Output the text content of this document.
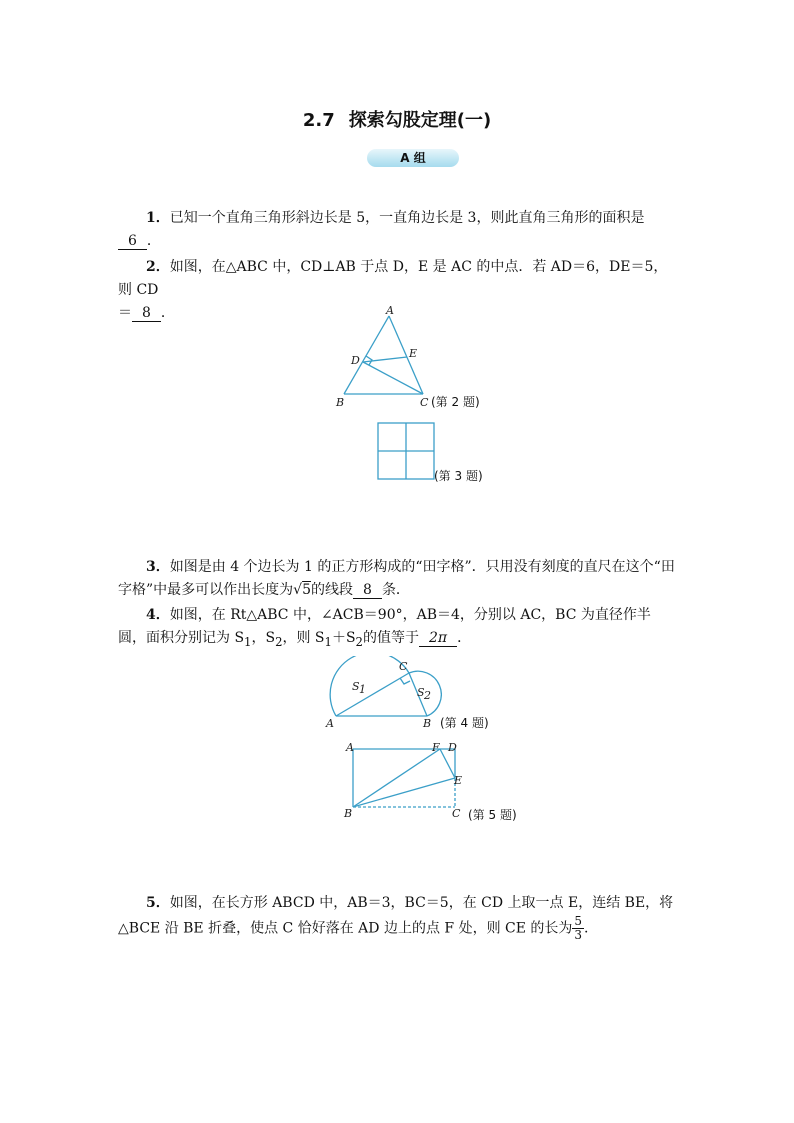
2.7 探索勾股定理(一)
A 组
1．已知一个直角三角形斜边长是 5，一直角边长是 3，则此直角三角形的面积是
6 ．
2．如图，在△ABC 中，CD⊥AB 于点 D，E 是 AC 的中点．若 AD＝6，DE＝5，则 CD
＝ 8 ．	A
B	C
D
E
(第 2 题)
(第 3 题)
3．如图是由 4 个边长为 1 的正方形构成的“田字格”．只用没有刻度的直尺在这个“田字格”中最多可以作出长度为√5的线段 8 条．
4．如图，在 Rt△ABC 中，∠ACB＝90°，AB＝4，分别以 AC，BC 为直径作半圆，面积分别记为 $S_1$，$S_2$，则 $S_1+S_2$的值等于 2π ．
A	B
C
S 1	S 2
(第 4 题)
A
B	C
D
E
F
(第 5 题)
5．如图，在长方形 ABCD 中，AB＝3，BC＝5，在 CD 上取一点 E，连结 BE，将△BCE 沿 BE 折叠，使点 C 恰好落在 AD 边上的点 F 处，则 CE 的长为 $\frac{5}{3}$ .
